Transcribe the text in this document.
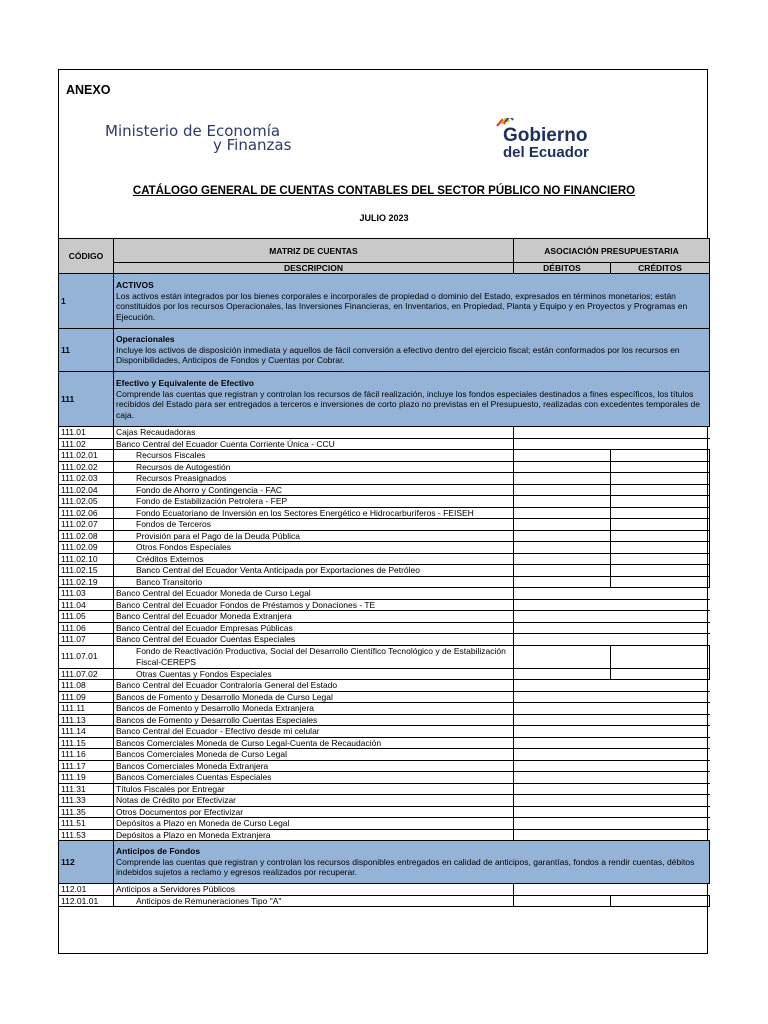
ANEXO
Ministerio de Economía
y Finanzas	Gobierno
del Ecuador
CATÁLOGO GENERAL DE CUENTAS CONTABLES DEL SECTOR PÚBLICO NO FINANCIERO
JULIO 2023
CÓDIGO	MATRIZ DE CUENTAS	ASOCIACIÓN PRESUPUESTARIA	
	DESCRIPCION	DÉBITOS	CRÉDITOS
1	ACTIVOS
Los activos están integrados por los bienes corporales e incorporales de propiedad o dominio del Estado, expresados en términos monetarios; están constituidos por los recursos Operacionales, las Inversiones Financieras, en Inventarios, en Propiedad, Planta y Equipo y en Proyectos y Programas en Ejecución.		
11	Operacionales
Incluye los activos de disposición inmediata y aquellos de fácil conversión a efectivo dentro del ejercicio fiscal; están conformados por los recursos en Disponibilidades, Anticipos de Fondos y Cuentas por Cobrar.		
111	Efectivo y Equivalente de Efectivo
Comprende las cuentas que registran y controlan los recursos de fácil realización, incluye los fondos especiales destinados a fines específicos, los títulos recibidos del Estado para ser entregados a terceros e inversiones de corto plazo no previstas en el Presupuesto, realizadas con excedentes temporales de caja.		
111.01	Cajas Recaudadoras		
111.02	Banco Central del Ecuador Cuenta Corriente Única - CCU		
111.02.01	Recursos Fiscales		
111.02.02	Recursos de Autogestión		
111.02.03	Recursos Preasignados		
111.02.04	Fondo de Ahorro y Contingencia - FAC		
111.02.05	Fondo de Estabilización Petrolera - FEP		
111.02.06	Fondo Ecuatoriano de Inversión en los Sectores Energético e Hidrocarburíferos - FEISEH		
111.02.07	Fondos de Terceros		
111.02.08	Provisión para el Pago de la Deuda Pública		
111.02.09	Otros Fondos Especiales		
111.02.10	Créditos Externos		
111.02.15	Banco Central del Ecuador Venta Anticipada por Exportaciones de Petróleo		
111.02.19	Banco Transitorio		
111.03	Banco Central del Ecuador Moneda de Curso Legal		
111.04	Banco Central del Ecuador Fondos de Préstamos y Donaciones - TE		
111.05	Banco Central del Ecuador Moneda Extranjera		
111.06	Banco Central del Ecuador Empresas Públicas		
111.07	Banco Central del Ecuador Cuentas Especiales		
111.07.01	Fondo de Reactivación Productiva, Social del Desarrollo Científico Tecnológico y de Estabilización Fiscal-CEREPS		
111.07.02	Otras Cuentas y Fondos Especiales		
111.08	Banco Central del Ecuador Contraloría General del Estado		
111.09	Bancos de Fomento y Desarrollo Moneda de Curso Legal		
111.11	Bancos de Fomento y Desarrollo Moneda Extranjera		
111.13	Bancos de Fomento y Desarrollo Cuentas Especiales		
111.14	Banco Central del Ecuador - Efectivo desde mi celular		
111.15	Bancos Comerciales Moneda de Curso Legal-Cuenta de Recaudación		
111.16	Bancos Comerciales Moneda de Curso Legal		
111.17	Bancos Comerciales Moneda Extranjera		
111.19	Bancos Comerciales Cuentas Especiales		
111.31	Títulos Fiscales por Entregar		
111.33	Notas de Crédito por Efectivizar		
111.35	Otros Documentos por Efectivizar		
111.51	Depósitos a Plazo en Moneda de Curso Legal		
111.53	Depósitos a Plazo en Moneda Extranjera		
112	Anticipos de Fondos
Comprende las cuentas que registran y controlan los recursos disponibles entregados en calidad de anticipos, garantías, fondos a rendir cuentas, débitos indebidos sujetos a reclamo y egresos realizados por recuperar.		
112.01	Anticipos a Servidores Públicos		
112.01.01	Anticipos de Remuneraciones Tipo "A"		
